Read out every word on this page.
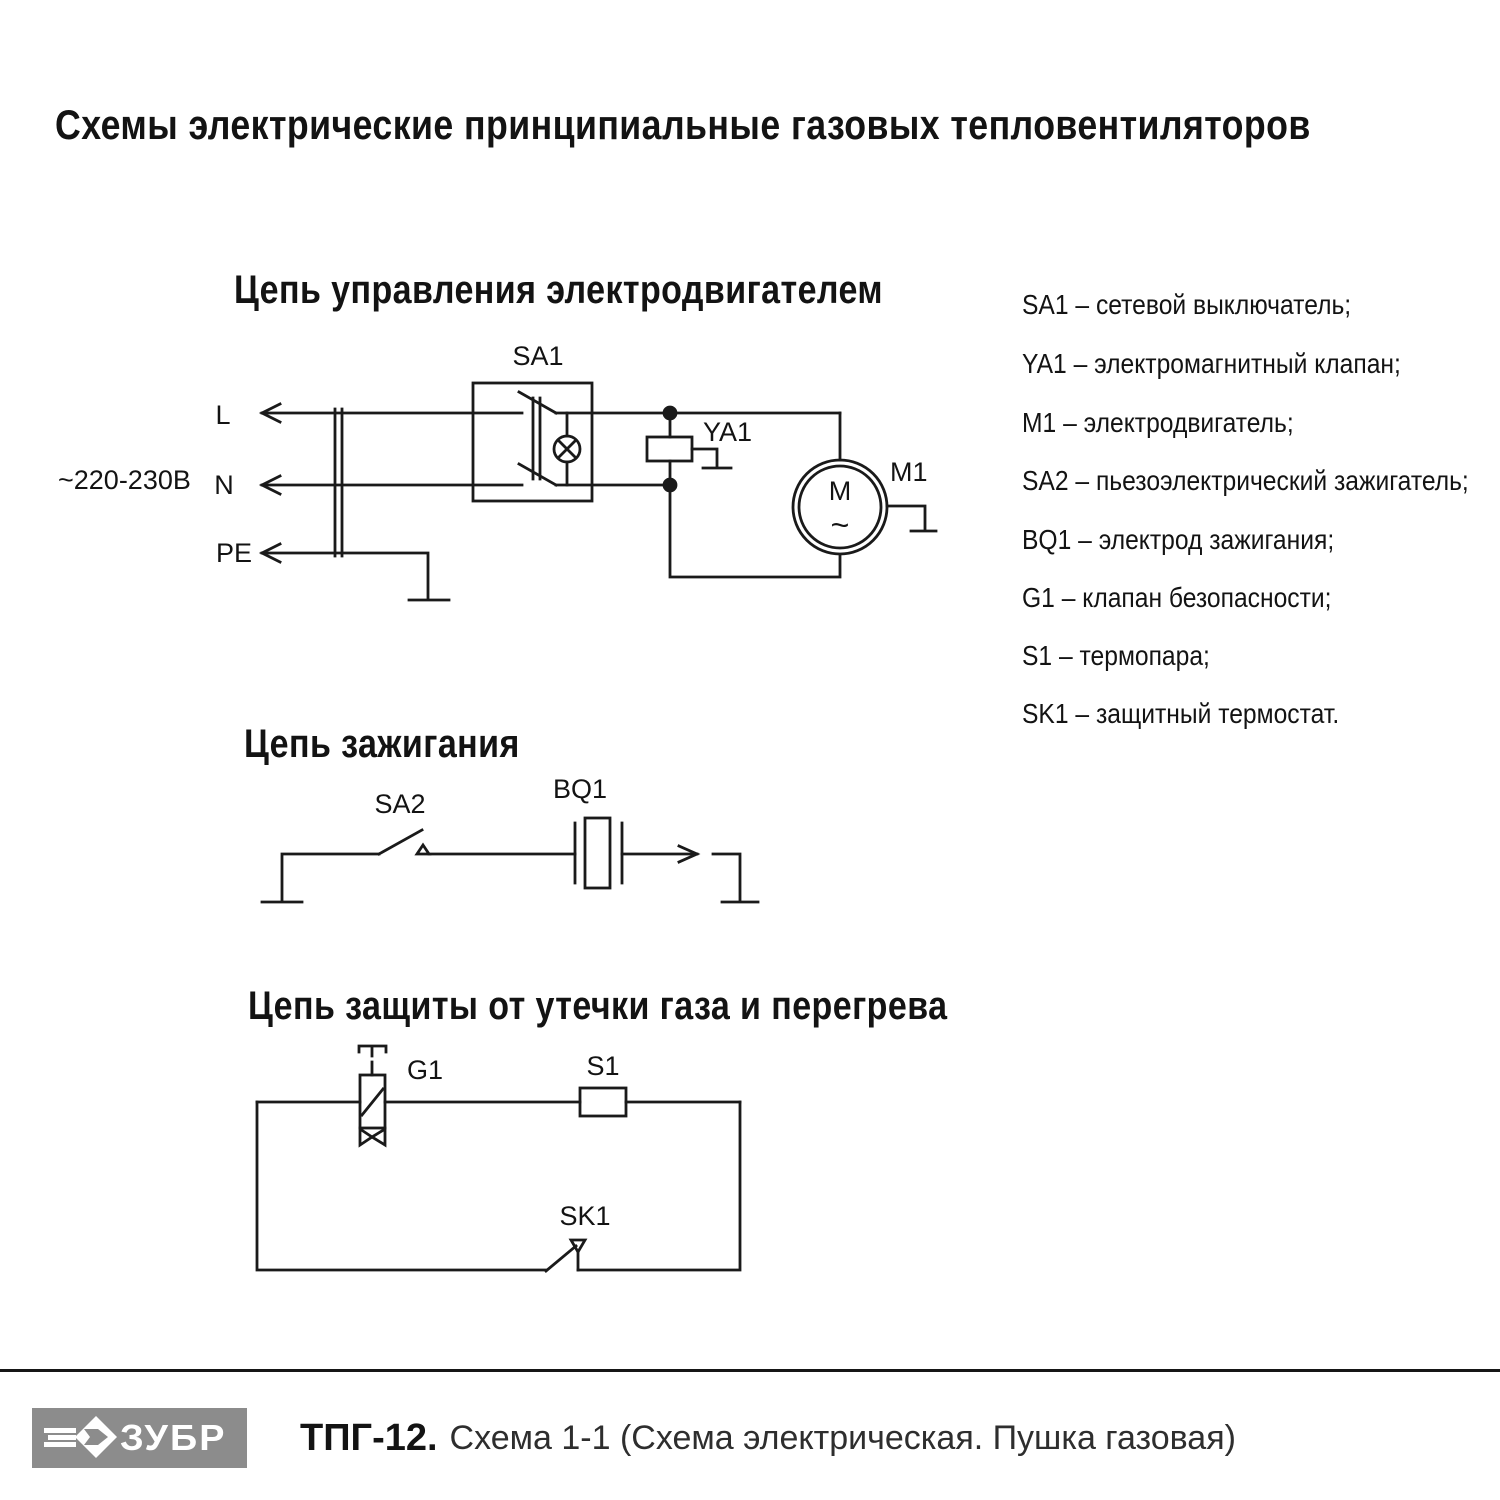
Схемы электрические принципиальные газовых тепловентиляторов
Цепь управления электродвигателем
Цепь зажигания
Цепь защиты от утечки газа и перегрева
SA1 – сетевой выключатель;
YA1 – электромагнитный клапан;
M1 – электродвигатель;
SA2 – пьезоэлектрический зажигатель;
BQ1 – электрод зажигания;
G1 – клапан безопасности;
S1 – термопара;
SK1 – защитный термостат.
~220-230В
L
N
PE
SA1
YA1
M1
M
~
SA2	BQ1
G1	S1
SK1
ЗУБР ТПГ-12. Схема 1-1 (Схема электрическая. Пушка газовая)
